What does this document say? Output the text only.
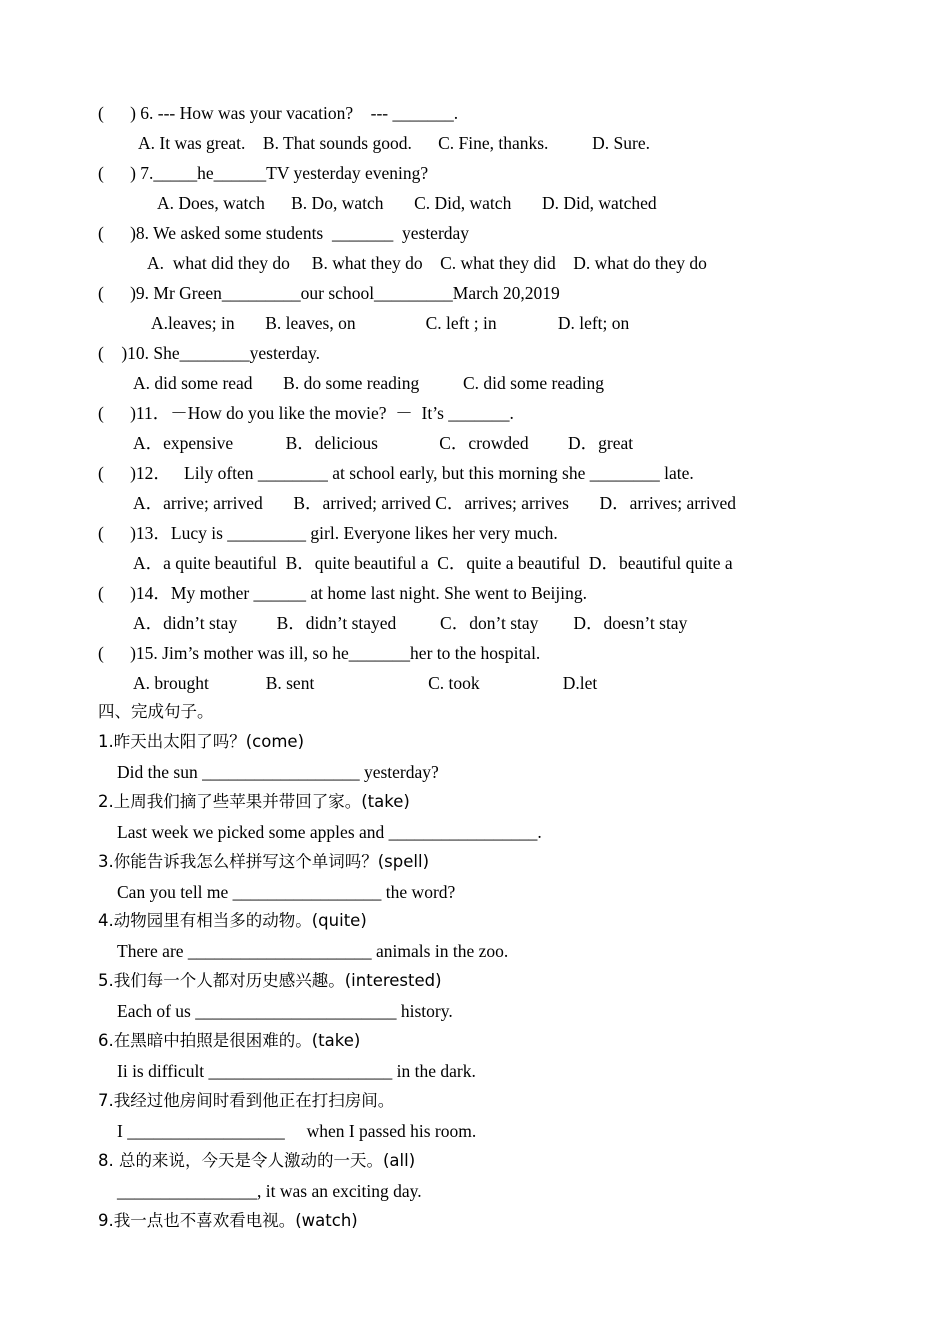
(      ) 6. --- How was your vacation?    --- _______.
A. It was great.    B. That sounds good.      C. Fine, thanks.          D. Sure.
(      ) 7._____he______TV yesterday evening?
A. Does, watch      B. Do, watch       C. Did, watch       D. Did, watched
(      )8. We asked some students  _______  yesterday
A.  what did they do     B. what they do    C. what they did    D. what do they do
(      )9. Mr Green_________our school_________March 20,2019
A.leaves; in       B. leaves, on                C. left ; in              D. left; on
(    )10. She________yesterday.
A. did some read       B. do some reading          C. did some reading
(      )11．－How do you like the movie?  －  It’s _______.
A．expensive            B．delicious              C．crowded         D．great
(      )12．   Lily often ________ at school early, but this morning she ________ late.
A．arrive; arrived       B．arrived; arrived C．arrives; arrives       D．arrives; arrived
(      )13．Lucy is _________ girl. Everyone likes her very much.
A．a quite beautiful  B．quite beautiful a  C．quite a beautiful  D．beautiful quite a
(      )14．My mother ______ at home last night. She went to Beijing.
A．didn’t stay         B．didn’t stayed          C．don’t stay        D．doesn’t stay
(      )15. Jim’s mother was ill, so he_______her to the hospital.
A. brought             B. sent                          C. took                   D.let
四、完成句子。
1.昨天出太阳了吗？(come)
Did the sun __________________ yesterday?
2.上周我们摘了些苹果并带回了家。(take)
Last week we picked some apples and _________________.
3.你能告诉我怎么样拼写这个单词吗？(spell)
Can you tell me _________________ the word?
4.动物园里有相当多的动物。(quite)
There are _____________________ animals in the zoo.
5.我们每一个人都对历史感兴趣。(interested)
Each of us _______________________ history.
6.在黑暗中拍照是很困难的。(take)
Ii is difficult _____________________ in the dark.
7.我经过他房间时看到他正在打扫房间。
I __________________     when I passed his room.
8. 总的来说，今天是令人激动的一天。(all)
________________, it was an exciting day.
9.我一点也不喜欢看电视。(watch)
